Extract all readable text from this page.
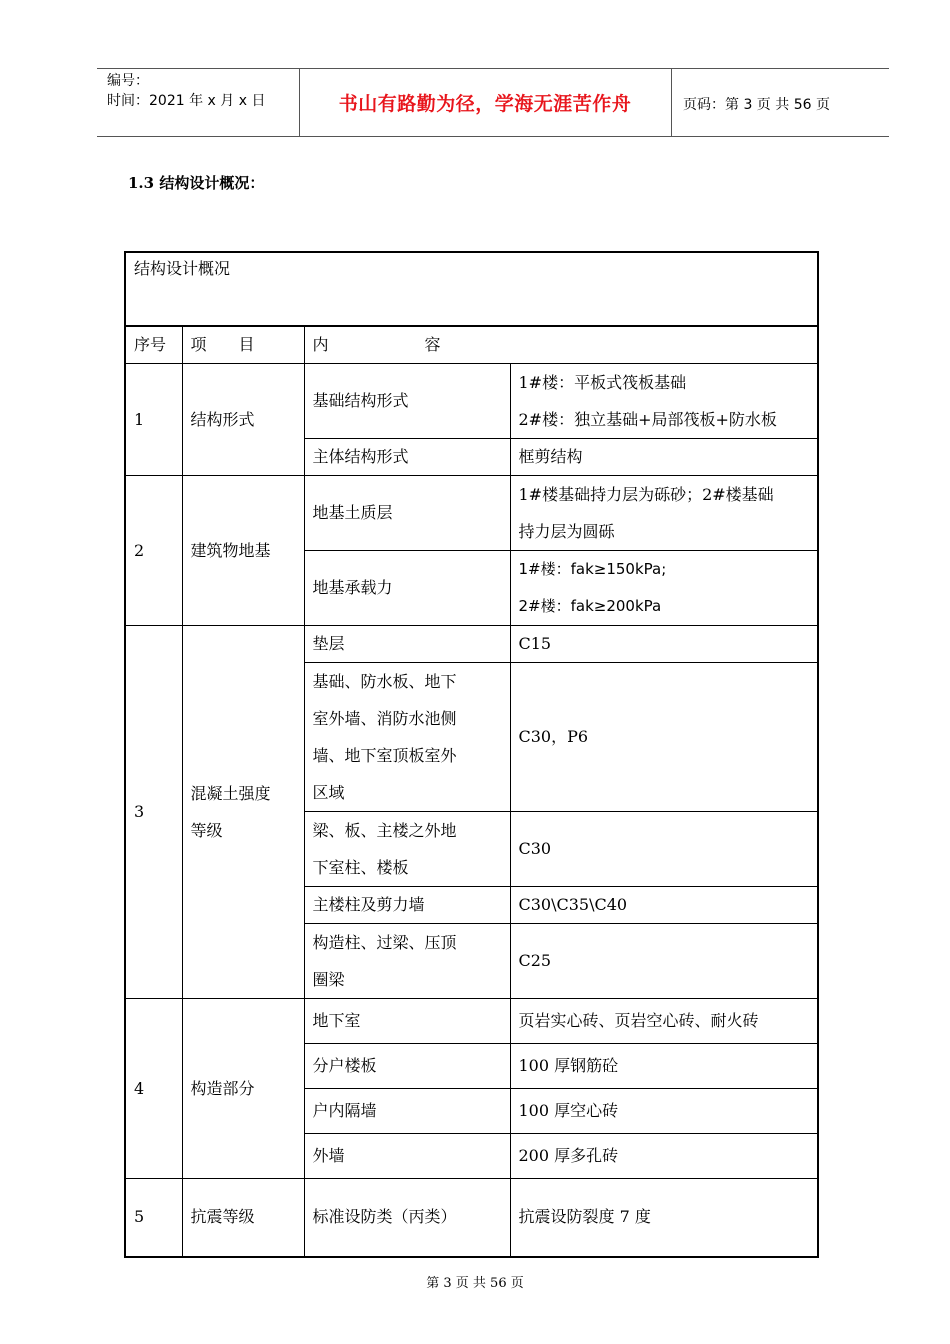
编号：
时间：2021 年 x 月 x 日	书山有路勤为径，学海无涯苦作舟	页码：第 3 页 共 56 页
1.3 结构设计概况：
结构设计概况			
序号	项　　目	内　　　　　　容	
1	结构形式	基础结构形式	1#楼：平板式筏板基础
2#楼：独立基础+局部筏板+防水板

		主体结构形式	框剪结构
2	建筑物地基	地基土质层	1#楼基础持力层为砾砂；2#楼基础
持力层为圆砾

		地基承载力	1#楼：fak≥150kPa;
2#楼：fak≥200kPa

3	混凝土强度
等级	垫层	C15

		基础、防水板、地下
室外墙、消防水池侧
墙、地下室顶板室外
区域	C30，P6

		梁、板、主楼之外地
下室柱、楼板	C30
		主楼柱及剪力墙	C30\C35\C40

		构造柱、过梁、压顶
圈梁	C25
4	构造部分	地下室	页岩实心砖、页岩空心砖、耐火砖
		分户楼板	100 厚钢筋砼
		户内隔墙	100 厚空心砖
		外墙	200 厚多孔砖
5	抗震等级	标准设防类（丙类）	抗震设防裂度 7 度
第 3 页 共 56 页
